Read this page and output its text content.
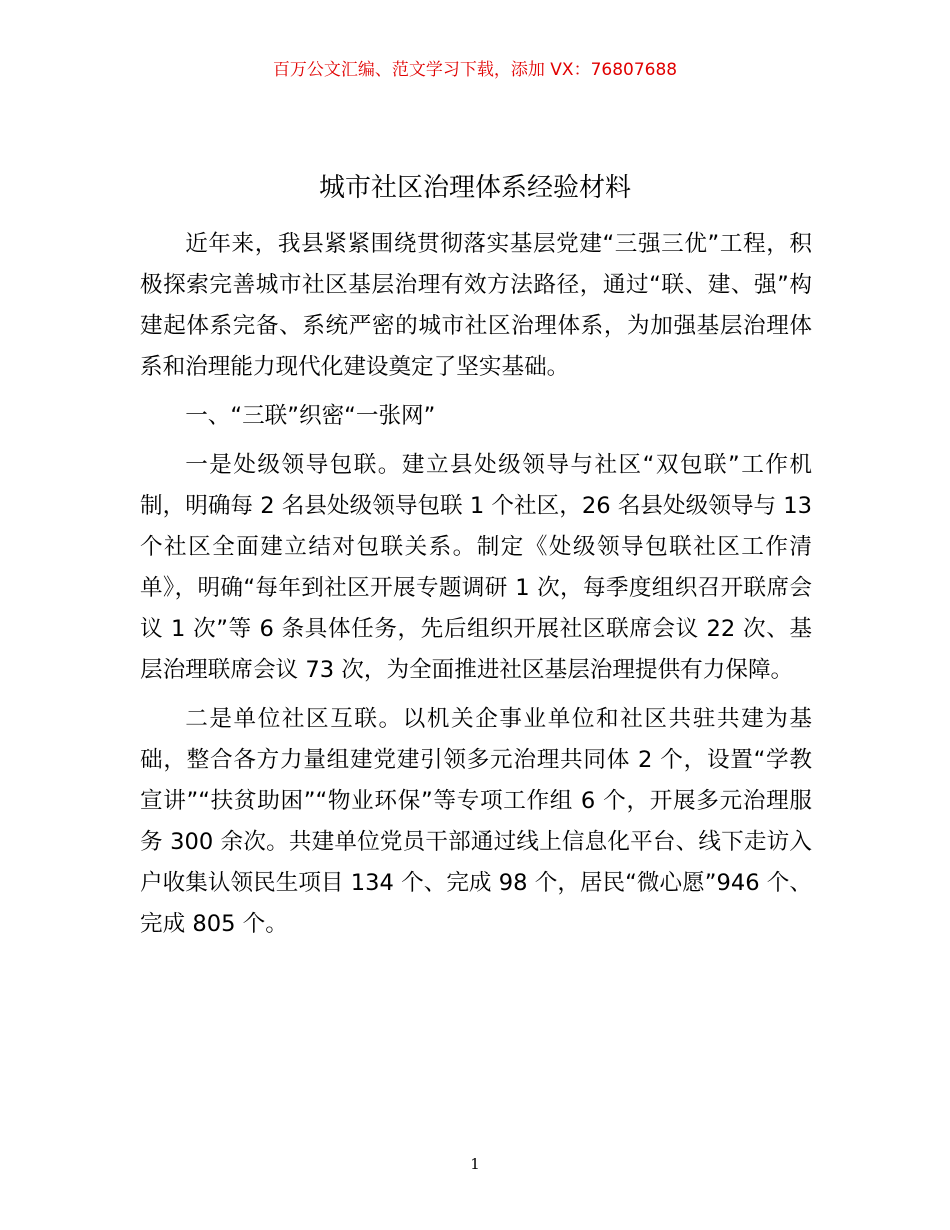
百万公文汇编、范文学习下载，添加 VX：76807688
城市社区治理体系经验材料

近年来，我县紧紧围绕贯彻落实基层党建“三强三优”工程，积极探索完善城市社区基层治理有效方法路径，通过“联、建、强”构建起体系完备、系统严密的城市社区治理体系，为加强基层治理体系和治理能力现代化建设奠定了坚实基础。

一、“三联”织密“一张网”

一是处级领导包联。建立县处级领导与社区“双包联”工作机制，明确每 2 名县处级领导包联 1 个社区，26 名县处级领导与 13 个社区全面建立结对包联关系。制定《处级领导包联社区工作清单》，明确“每年到社区开展专题调研 1 次，每季度组织召开联席会议 1 次”等 6 条具体任务，先后组织开展社区联席会议 22 次、基层治理联席会议 73 次，为全面推进社区基层治理提供有力保障。

二是单位社区互联。以机关企事业单位和社区共驻共建为基础，整合各方力量组建党建引领多元治理共同体 2 个，设置“学教宣讲”“扶贫助困”“物业环保”等专项工作组 6 个，开展多元治理服务 300 余次。共建单位党员干部通过线上信息化平台、线下走访入户收集认领民生项目 134 个、完成 98 个，居民“微心愿”946 个、完成 805 个。

1
